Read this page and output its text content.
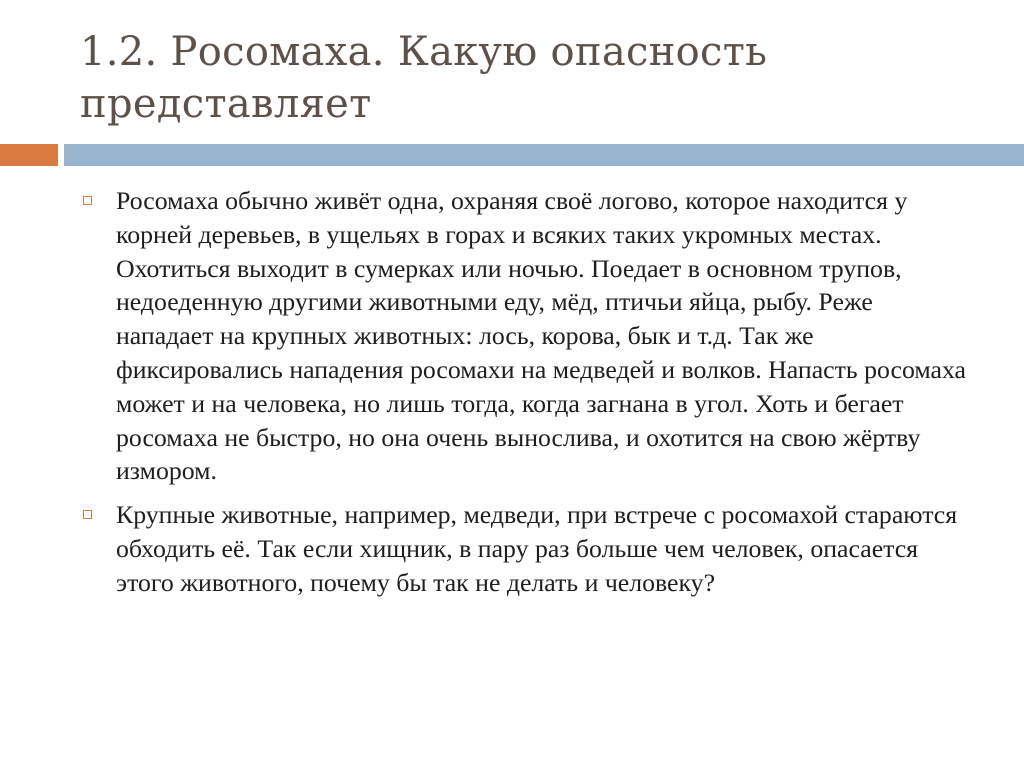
1.2. Росомаха. Какую опасность представляет
Росомаха обычно живёт одна, охраняя своё логово, которое находится у корней деревьев, в ущельях в горах и всяких таких укромных местах. Охотиться выходит в сумерках или ночью. Поедает в основном трупов, недоеденную другими животными еду, мёд, птичьи яйца, рыбу. Реже нападает на крупных животных: лось, корова, бык и т.д. Так же фиксировались нападения росомахи на медведей и волков. Напасть росомаха может и на человека, но лишь тогда, когда загнана в угол. Хоть и бегает росомаха не быстро, но она очень вынослива, и охотится на свою жёртву измором.
Крупные животные, например, медведи, при встрече с росомахой стараются обходить её. Так если хищник, в пару раз больше чем человек, опасается этого животного, почему бы так не делать и человеку?
